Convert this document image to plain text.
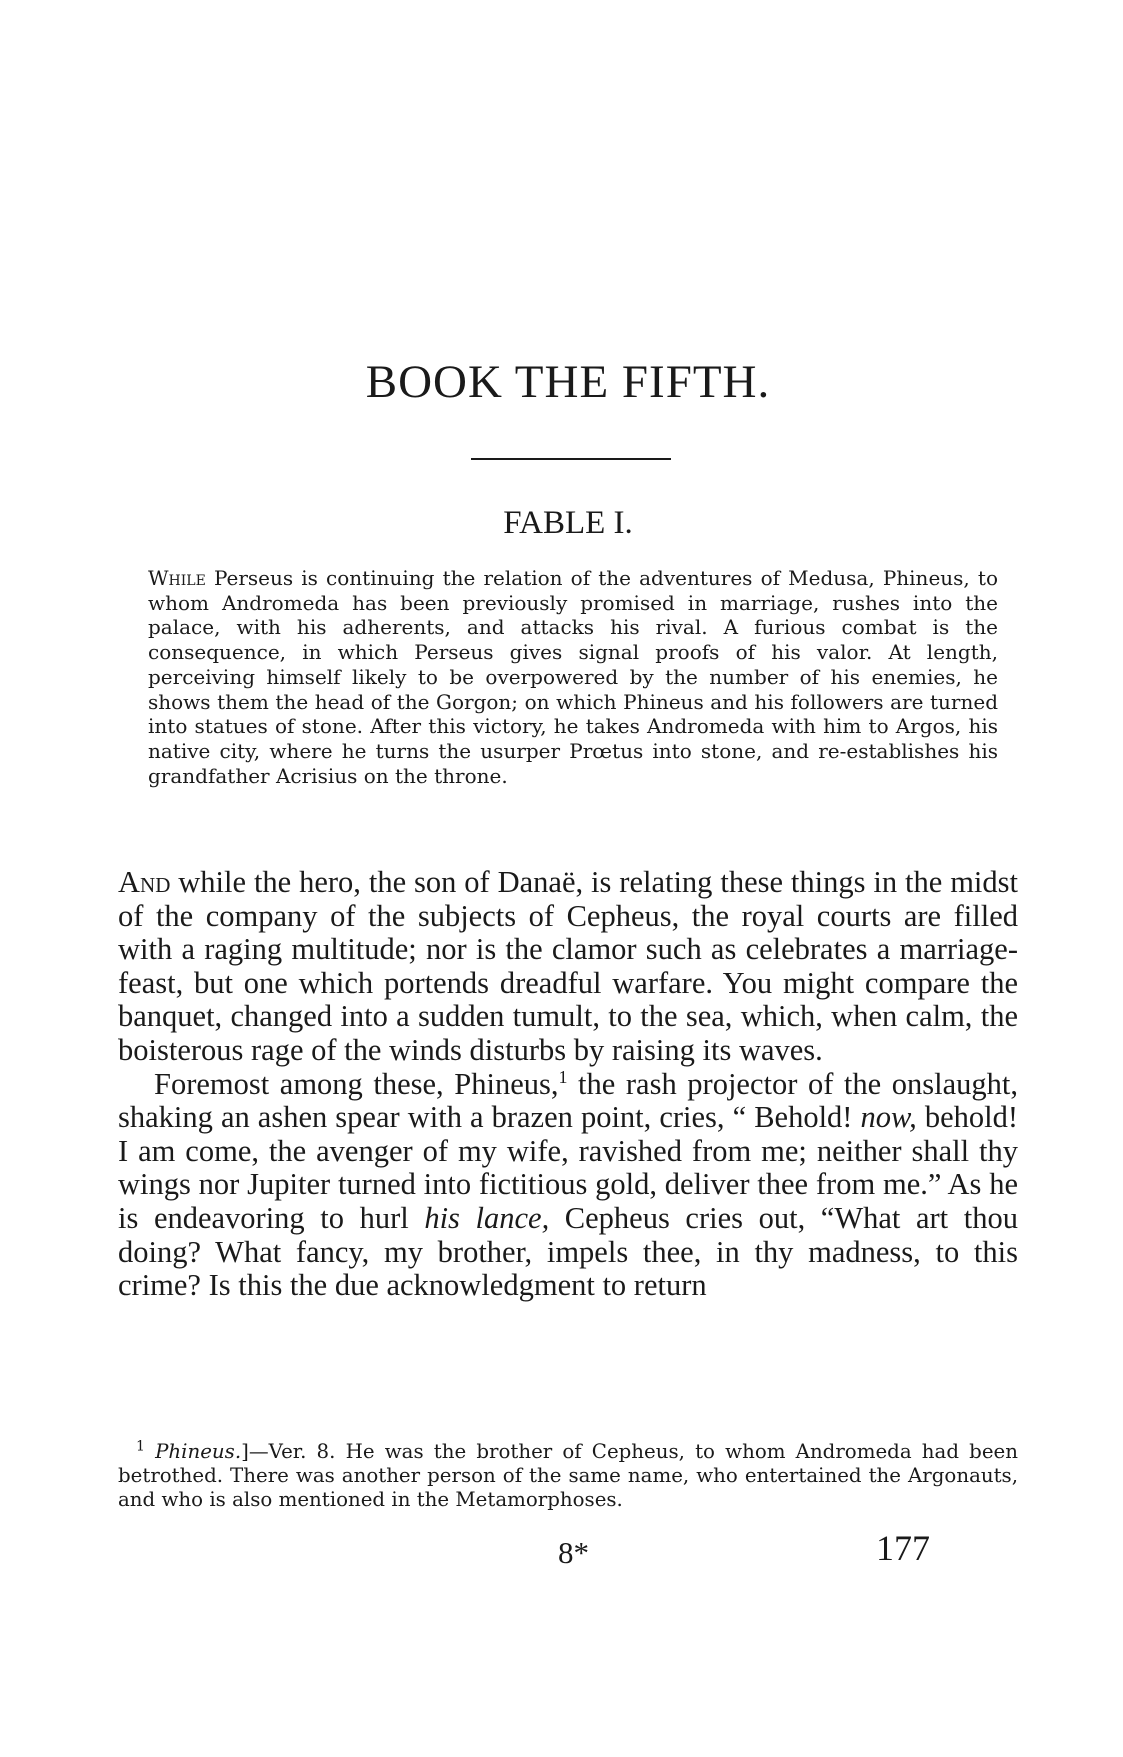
BOOK THE FIFTH.
FABLE I.

While Perseus is continuing the relation of the adventures of Medusa, Phineus, to whom Andromeda has been previously promised in marriage, rushes into the palace, with his adherents, and attacks his rival. A furious combat is the consequence, in which Perseus gives signal proofs of his valor. At length, perceiving himself likely to be overpowered by the number of his enemies, he shows them the head of the Gorgon; on which Phineus and his followers are turned into statues of stone. After this victory, he takes Andromeda with him to Argos, his native city, where he turns the usurper Prœtus into stone, and re-establishes his grandfather Acrisius on the throne.

And while the hero, the son of Danaë, is relating these things in the midst of the company of the subjects of Cepheus, the royal courts are filled with a raging multitude; nor is the clamor such as celebrates a marriage-feast, but one which portends dreadful warfare. You might compare the banquet, changed into a sudden tumult, to the sea, which, when calm, the boisterous rage of the winds disturbs by raising its waves.

Foremost among these, Phineus,$^1$ the rash projector of the onslaught, shaking an ashen spear with a brazen point, cries, “ Behold! now, behold! I am come, the avenger of my wife, ravished from me; neither shall thy wings nor Jupiter turned into fictitious gold, deliver thee from me.” As he is endeavoring to hurl his lance, Cepheus cries out, “What art thou doing? What fancy, my brother, impels thee, in thy madness, to this crime? Is this the due acknowledgment to return

$^1$ Phineus.]—Ver. 8. He was the brother of Cepheus, to whom Andromeda had been betrothed. There was another person of the same name, who entertained the Argonauts, and who is also mentioned in the Metamorphoses.

8*	177
